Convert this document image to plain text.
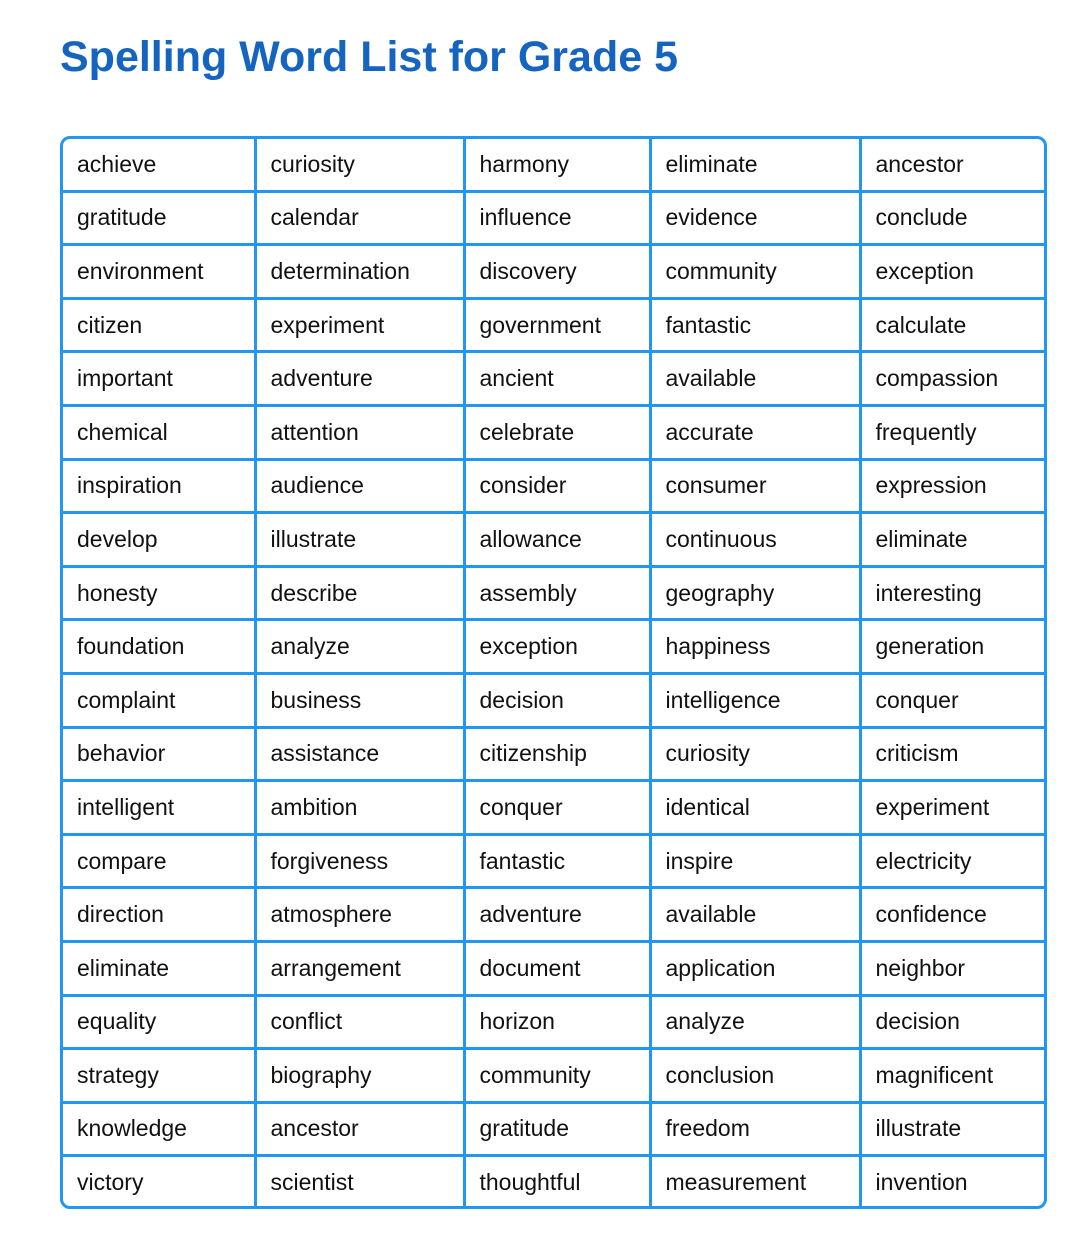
Spelling Word List for Grade 5
achieve	curiosity	harmony	eliminate	ancestor
gratitude	calendar	influence	evidence	conclude
environment	determination	discovery	community	exception
citizen	experiment	government	fantastic	calculate
important	adventure	ancient	available	compassion
chemical	attention	celebrate	accurate	frequently
inspiration	audience	consider	consumer	expression
develop	illustrate	allowance	continuous	eliminate
honesty	describe	assembly	geography	interesting
foundation	analyze	exception	happiness	generation
complaint	business	decision	intelligence	conquer
behavior	assistance	citizenship	curiosity	criticism
intelligent	ambition	conquer	identical	experiment
compare	forgiveness	fantastic	inspire	electricity
direction	atmosphere	adventure	available	confidence
eliminate	arrangement	document	application	neighbor
equality	conflict	horizon	analyze	decision
strategy	biography	community	conclusion	magnificent
knowledge	ancestor	gratitude	freedom	illustrate
victory	scientist	thoughtful	measurement	invention
